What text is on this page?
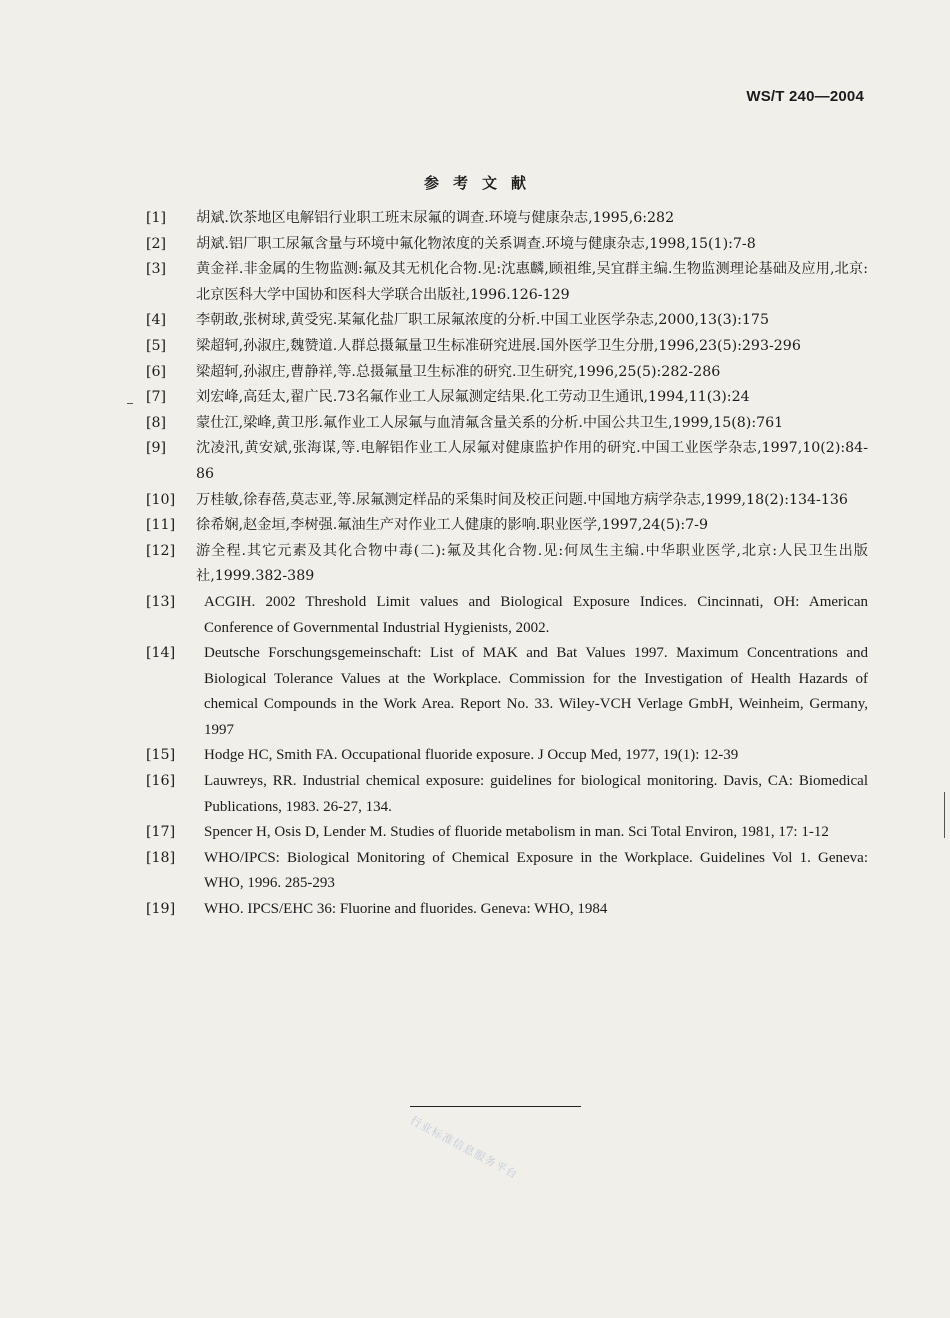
WS/T 240—2004
参考文献
[1]	胡斌.饮茶地区电解铝行业职工班末尿氟的调查.环境与健康杂志,1995,6:282
[2]	胡斌.铝厂职工尿氟含量与环境中氟化物浓度的关系调查.环境与健康杂志,1998,15(1):7-8
[3]	黄金祥.非金属的生物监测:氟及其无机化合物.见:沈惠麟,顾祖维,吴宜群主编.生物监测理论基础及应用,北京:北京医科大学中国协和医科大学联合出版社,1996.126-129
[4]	李朝敢,张树球,黄受宪.某氟化盐厂职工尿氟浓度的分析.中国工业医学杂志,2000,13(3):175
[5]	梁超轲,孙淑庄,魏赞道.人群总摄氟量卫生标准研究进展.国外医学卫生分册,1996,23(5):293-296
[6]	梁超轲,孙淑庄,曹静祥,等.总摄氟量卫生标准的研究.卫生研究,1996,25(5):282-286
[7]	刘宏峰,高廷太,翟广民.73名氟作业工人尿氟测定结果.化工劳动卫生通讯,1994,11(3):24
[8]	蒙仕江,梁峰,黄卫彤.氟作业工人尿氟与血清氟含量关系的分析.中国公共卫生,1999,15(8):761
[9]	沈凌汛,黄安斌,张海谋,等.电解铝作业工人尿氟对健康监护作用的研究.中国工业医学杂志,1997,10(2):84-86
[10]	万桂敏,徐春蓓,莫志亚,等.尿氟测定样品的采集时间及校正问题.中国地方病学杂志,1999,18(2):134-136
[11]	徐希娴,赵金垣,李树强.氟油生产对作业工人健康的影响.职业医学,1997,24(5):7-9
[12]	游全程.其它元素及其化合物中毒(二):氟及其化合物.见:何凤生主编.中华职业医学,北京:人民卫生出版社,1999.382-389
[13]	ACGIH. 2002 Threshold Limit values and Biological Exposure Indices. Cincinnati, OH: American Conference of Governmental Industrial Hygienists, 2002.
[14]	Deutsche Forschungsgemeinschaft: List of MAK and Bat Values 1997. Maximum Concentrations and Biological Tolerance Values at the Workplace. Commission for the Investigation of Health Hazards of chemical Compounds in the Work Area. Report No. 33. Wiley-VCH Verlage GmbH, Weinheim, Germany, 1997
[15]	Hodge HC, Smith FA. Occupational fluoride exposure. J Occup Med, 1977, 19(1): 12-39
[16]	Lauwreys, RR. Industrial chemical exposure: guidelines for biological monitoring. Davis, CA: Biomedical Publications, 1983. 26-27, 134.
[17]	Spencer H, Osis D, Lender M. Studies of fluoride metabolism in man. Sci Total Environ, 1981, 17: 1-12
[18]	WHO/IPCS: Biological Monitoring of Chemical Exposure in the Workplace. Guidelines Vol 1. Geneva: WHO, 1996. 285-293
[19]	WHO. IPCS/EHC 36: Fluorine and fluorides. Geneva: WHO, 1984
行业标准信息服务平台
